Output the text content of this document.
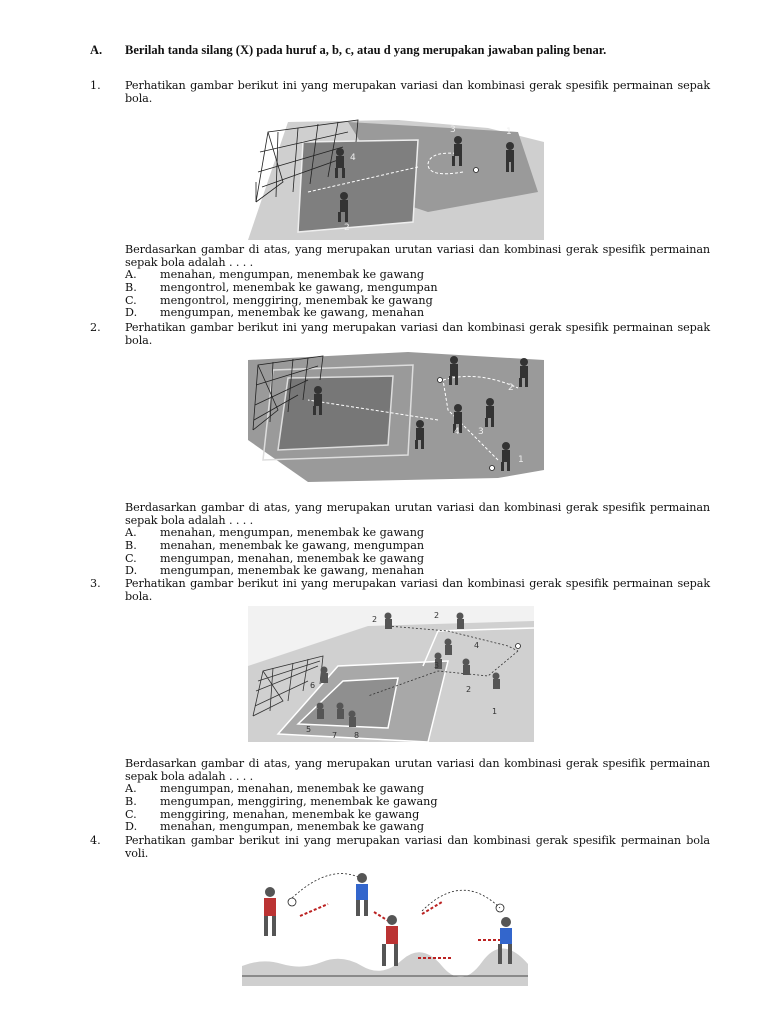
A. Berilah tanda silang (X) pada huruf a, b, c, atau d yang merupakan jawaban paling benar.
1. Perhatikan gambar berikut ini yang merupakan variasi dan kombinasi gerak spesifik permainan sepak bola.
1
2
3
4
Berdasarkan gambar di atas, yang merupakan urutan variasi dan kombinasi gerak spesifik permainan sepak bola adalah . . . .
A. menahan, mengumpan, menembak ke gawang
B. mengontrol, menembak ke gawang, mengumpan
C. mengontrol, menggiring, menembak ke gawang
D. mengumpan, menembak ke gawang, menahan
2. Perhatikan gambar berikut ini yang merupakan variasi dan kombinasi gerak spesifik permainan sepak bola.
1
2
3
4
Berdasarkan gambar di atas, yang merupakan urutan variasi dan kombinasi gerak spesifik permainan sepak bola adalah . . . .
A. menahan, mengumpan, menembak ke gawang
B. menahan, menembak ke gawang, mengumpan
C. mengumpan, menahan, menembak ke gawang
D. mengumpan, menembak ke gawang, menahan
3. Perhatikan gambar berikut ini yang merupakan variasi dan kombinasi gerak spesifik permainan sepak bola.
1
2	2
2
3
4
5
6
7 8
Berdasarkan gambar di atas, yang merupakan urutan variasi dan kombinasi gerak spesifik permainan sepak bola adalah . . . .
A. mengumpan, menahan, menembak ke gawang
B. mengumpan, menggiring, menembak ke gawang
C. menggiring, menahan, menembak ke gawang
D. menahan, mengumpan, menembak ke gawang
4. Perhatikan gambar berikut ini yang merupakan variasi dan kombinasi gerak spesifik permainan bola voli.
